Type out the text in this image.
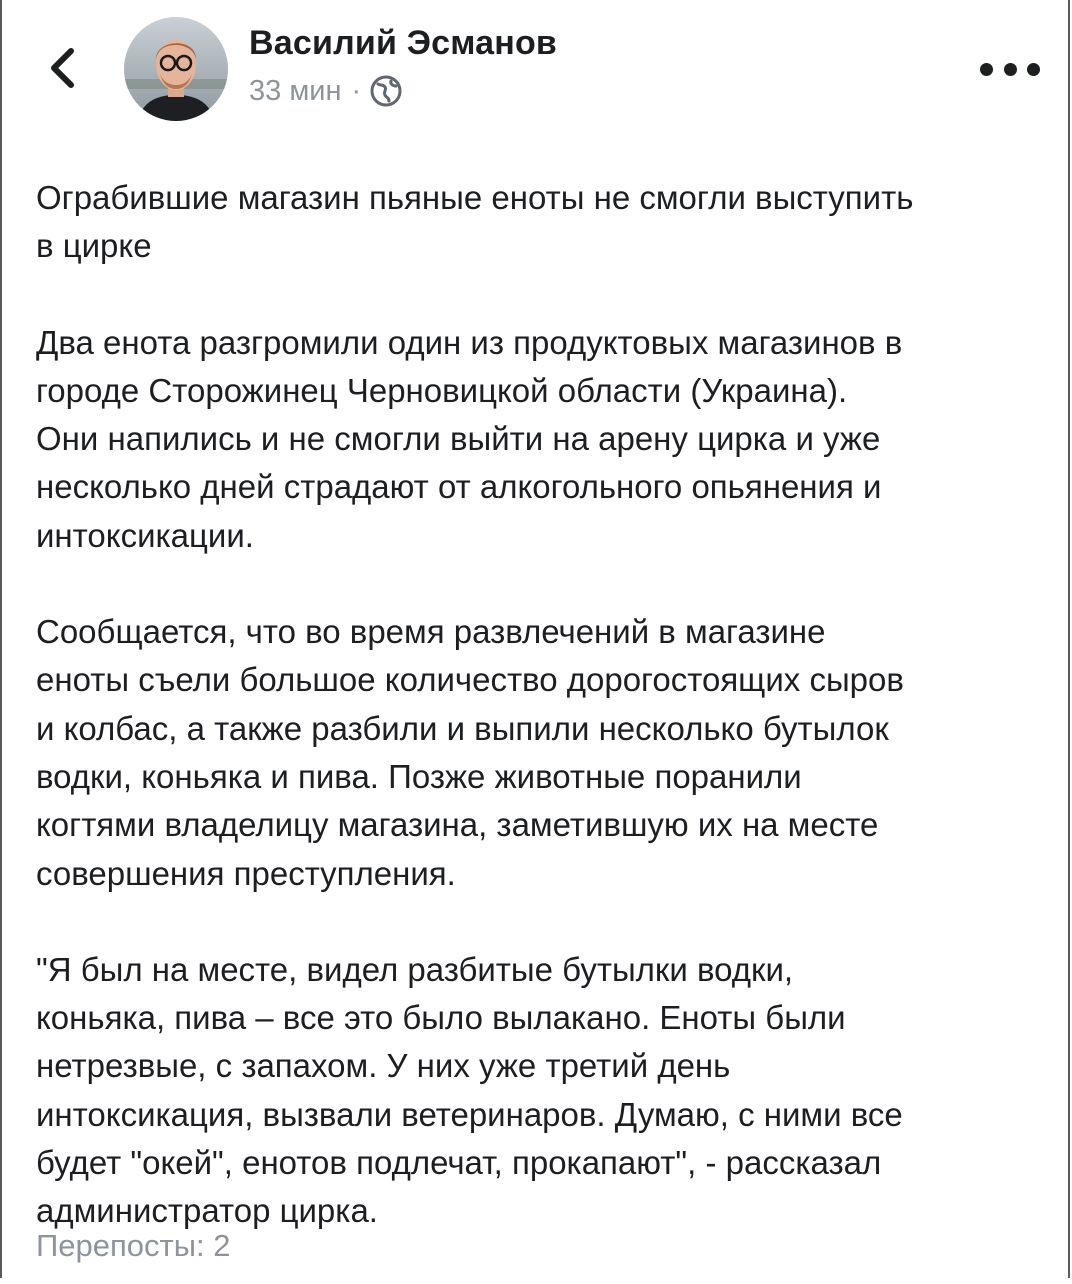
Василий Эсманов
33 мин ·

Ограбившие магазин пьяные еноты не смогли выступить
в цирке

Два енота разгромили один из продуктовых магазинов в
городе Сторожинец Черновицкой области (Украина).
Они напились и не смогли выйти на арену цирка и уже
несколько дней страдают от алкогольного опьянения и
интоксикации.

Сообщается, что во время развлечений в магазине
еноты съели большое количество дорогостоящих сыров
и колбас, а также разбили и выпили несколько бутылок
водки, коньяка и пива. Позже животные поранили
когтями владелицу магазина, заметившую их на месте
совершения преступления.

"Я был на месте, видел разбитые бутылки водки,
коньяка, пива – все это было вылакано. Еноты были
нетрезвые, с запахом. У них уже третий день
интоксикация, вызвали ветеринаров. Думаю, с ними все
будет "окей", енотов подлечат, прокапают", - рассказал
администратор цирка.

Перепосты: 2
